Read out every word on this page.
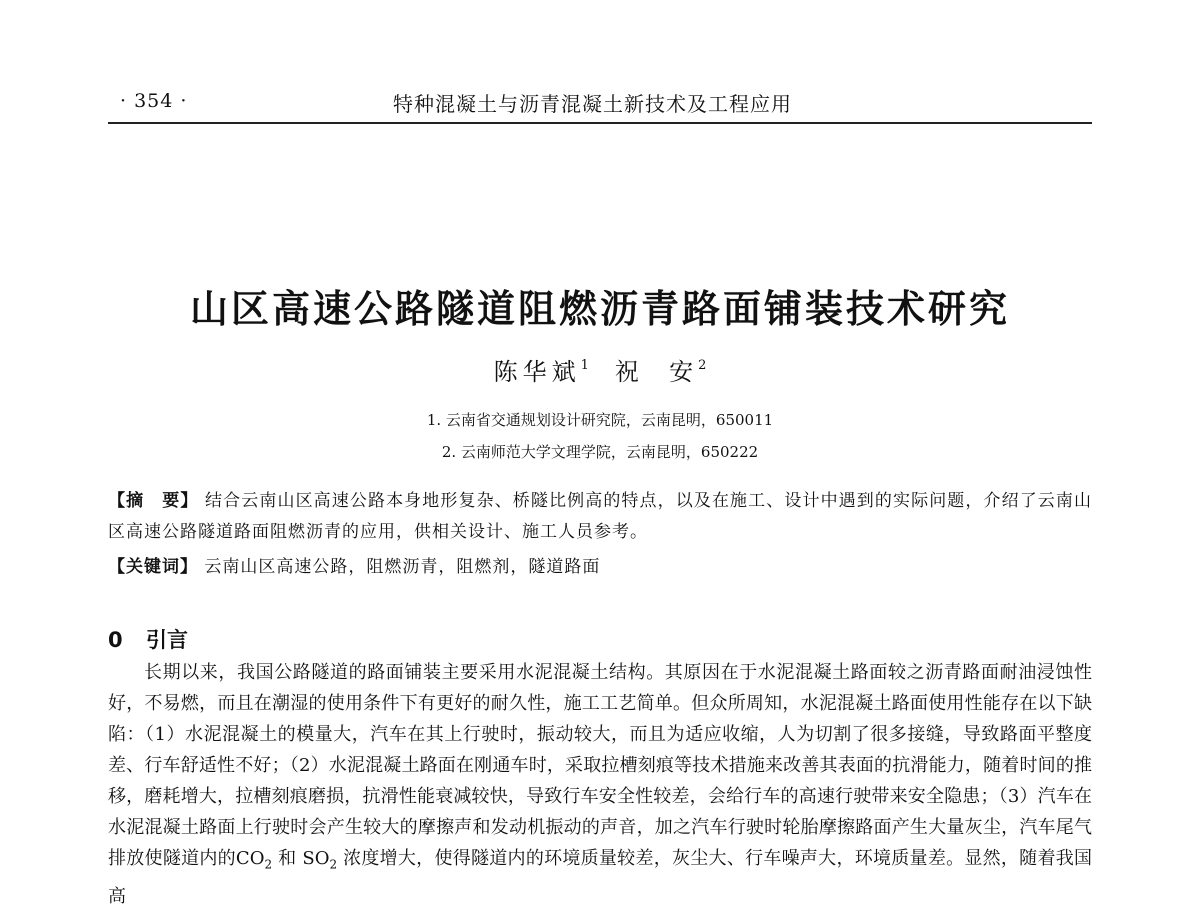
· 354 ·	特种混凝土与沥青混凝土新技术及工程应用
山区高速公路隧道阻燃沥青路面铺装技术研究
陈华斌$^1$ 祝  安$^2$
1. 云南省交通规划设计研究院，云南昆明，650011
2. 云南师范大学文理学院，云南昆明，650222
【摘　要】 结合云南山区高速公路本身地形复杂、桥隧比例高的特点，以及在施工、设计中遇到的实际问题，介绍了云南山区高速公路隧道路面阻燃沥青的应用，供相关设计、施工人员参考。
【关键词】 云南山区高速公路，阻燃沥青，阻燃剂，隧道路面
0 引言

长期以来，我国公路隧道的路面铺装主要采用水泥混凝土结构。其原因在于水泥混凝土路面较之沥青路面耐油浸蚀性好，不易燃，而且在潮湿的使用条件下有更好的耐久性，施工工艺简单。但众所周知，水泥混凝土路面使用性能存在以下缺陷：（1）水泥混凝土的模量大，汽车在其上行驶时，振动较大，而且为适应收缩，人为切割了很多接缝，导致路面平整度差、行车舒适性不好；（2）水泥混凝土路面在刚通车时，采取拉槽刻痕等技术措施来改善其表面的抗滑能力，随着时间的推移，磨耗增大，拉槽刻痕磨损，抗滑性能衰减较快，导致行车安全性较差，会给行车的高速行驶带来安全隐患；（3）汽车在水泥混凝土路面上行驶时会产生较大的摩擦声和发动机振动的声音，加之汽车行驶时轮胎摩擦路面产生大量灰尘，汽车尾气排放使隧道内的$CO_2$ 和 $SO_2$ 浓度增大，使得隧道内的环境质量较差，灰尘大、行车噪声大，环境质量差。显然，随着我国高
